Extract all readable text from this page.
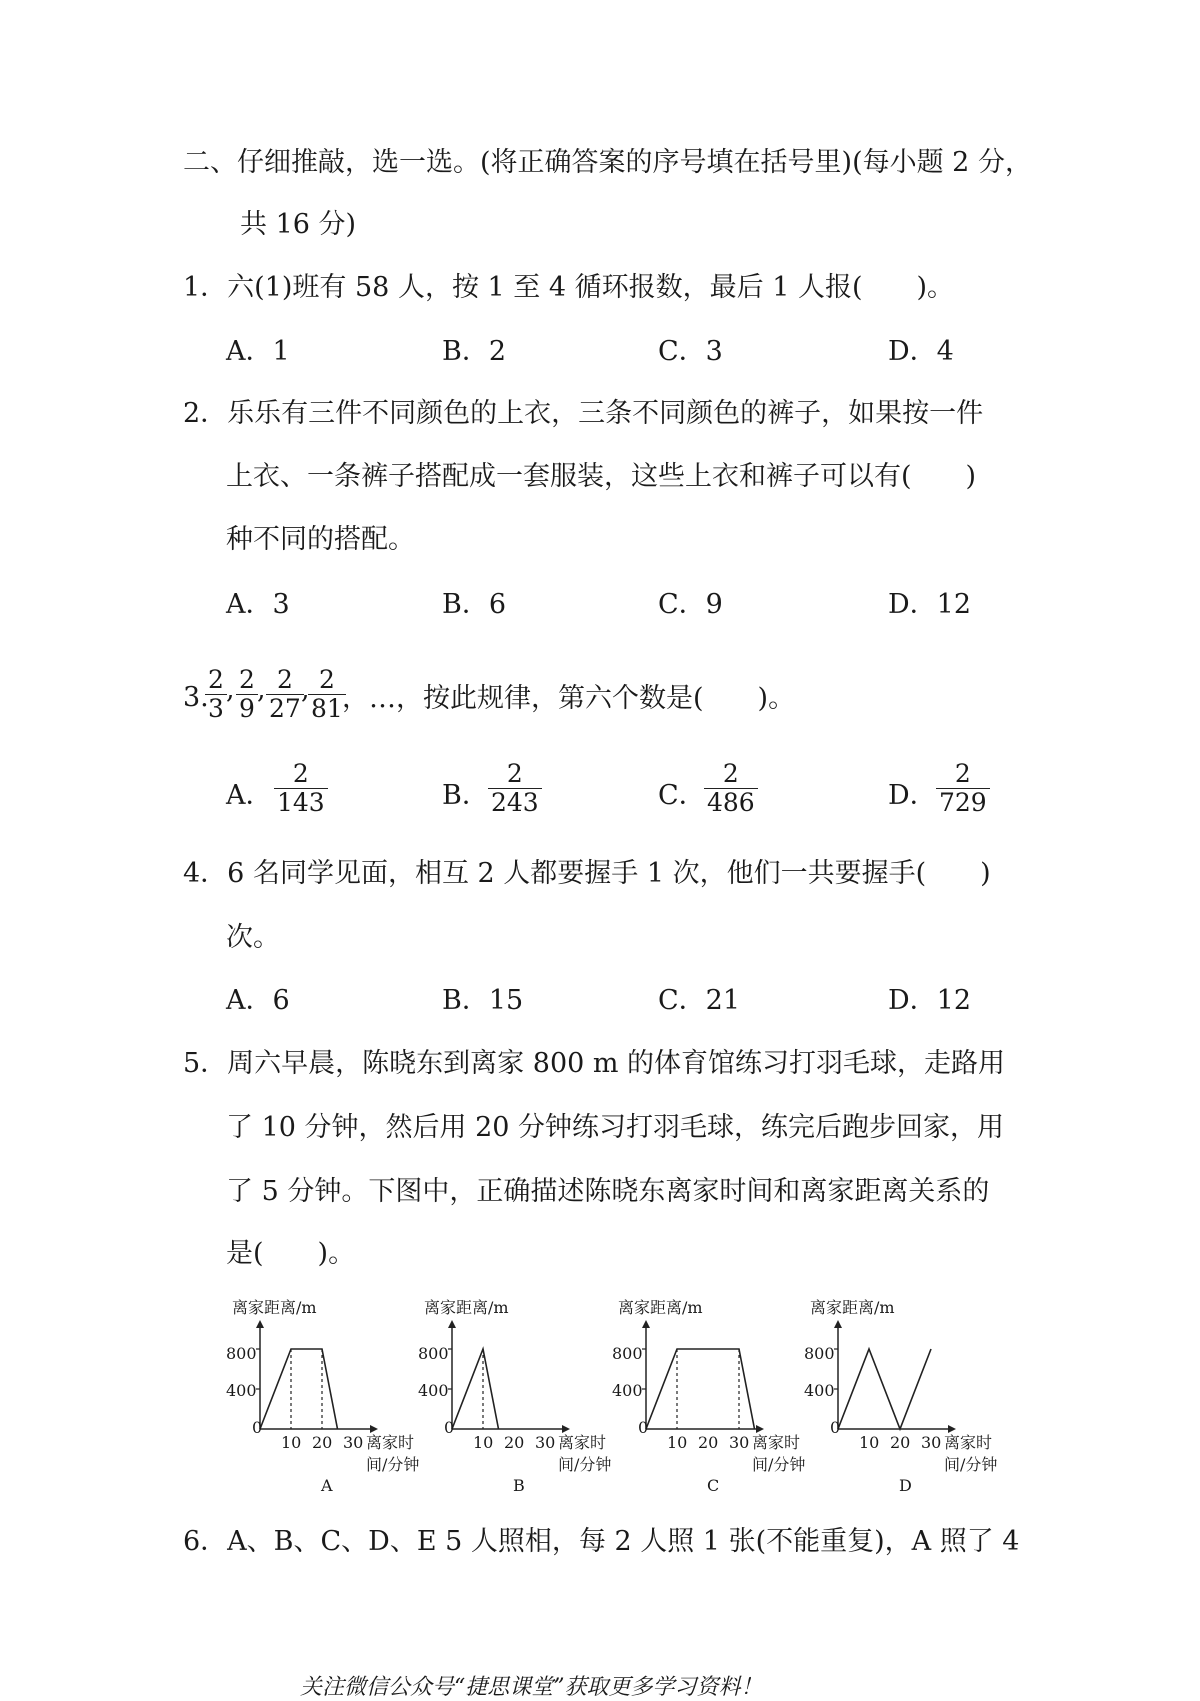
二、仔细推敲，选一选。(将正确答案的序号填在括号里)(每小题 2 分，
共 16 分)
1．六(1)班有 58 人，按 1 至 4 循环报数，最后 1 人报(　　)。
A．1	B．2	C．3	D．4
2．乐乐有三件不同颜色的上衣，三条不同颜色的裤子，如果按一件
上衣、一条裤子搭配成一套服装，这些上衣和裤子可以有(　　)
种不同的搭配。
A．3	B．6	C．9	D．12
3.
$\frac{2}{3}$ , $\frac{2}{9}$ , $\frac{2}{27}$
,
$\frac{2}{81}$
，…，按此规律，第六个数是(　　)。
A． $\frac{2}{143}$	B． $\frac{2}{243}$	C．
$\frac{2}{486}$	D． $\frac{2}{729}$
4．6 名同学见面，相互 2 人都要握手 1 次，他们一共要握手(　　)
次。
A．6	B．15	C．21	D．12
5．周六早晨，陈晓东到离家 800 m 的体育馆练习打羽毛球，走路用
了 10 分钟，然后用 20 分钟练习打羽毛球，练完后跑步回家，用
了 5 分钟。下图中，正确描述陈晓东离家时间和离家距离关系的
是(　　)。
离家距离/m
800
400
0
10 20 30 离家时
间/分钟
A
离家距离/m
800
400
0
10 20 30 离家时
间/分钟
B
离家距离/m
800
400
0
10 20 30 离家时
间/分钟
C
离家距离/m
800
400
0
10 20 30 离家时
间/分钟
D
6．A、B、C、D、E 5 人照相，每 2 人照 1 张(不能重复)，A 照了 4
关注微信公众号“捷思课堂”获取更多学习资料！
